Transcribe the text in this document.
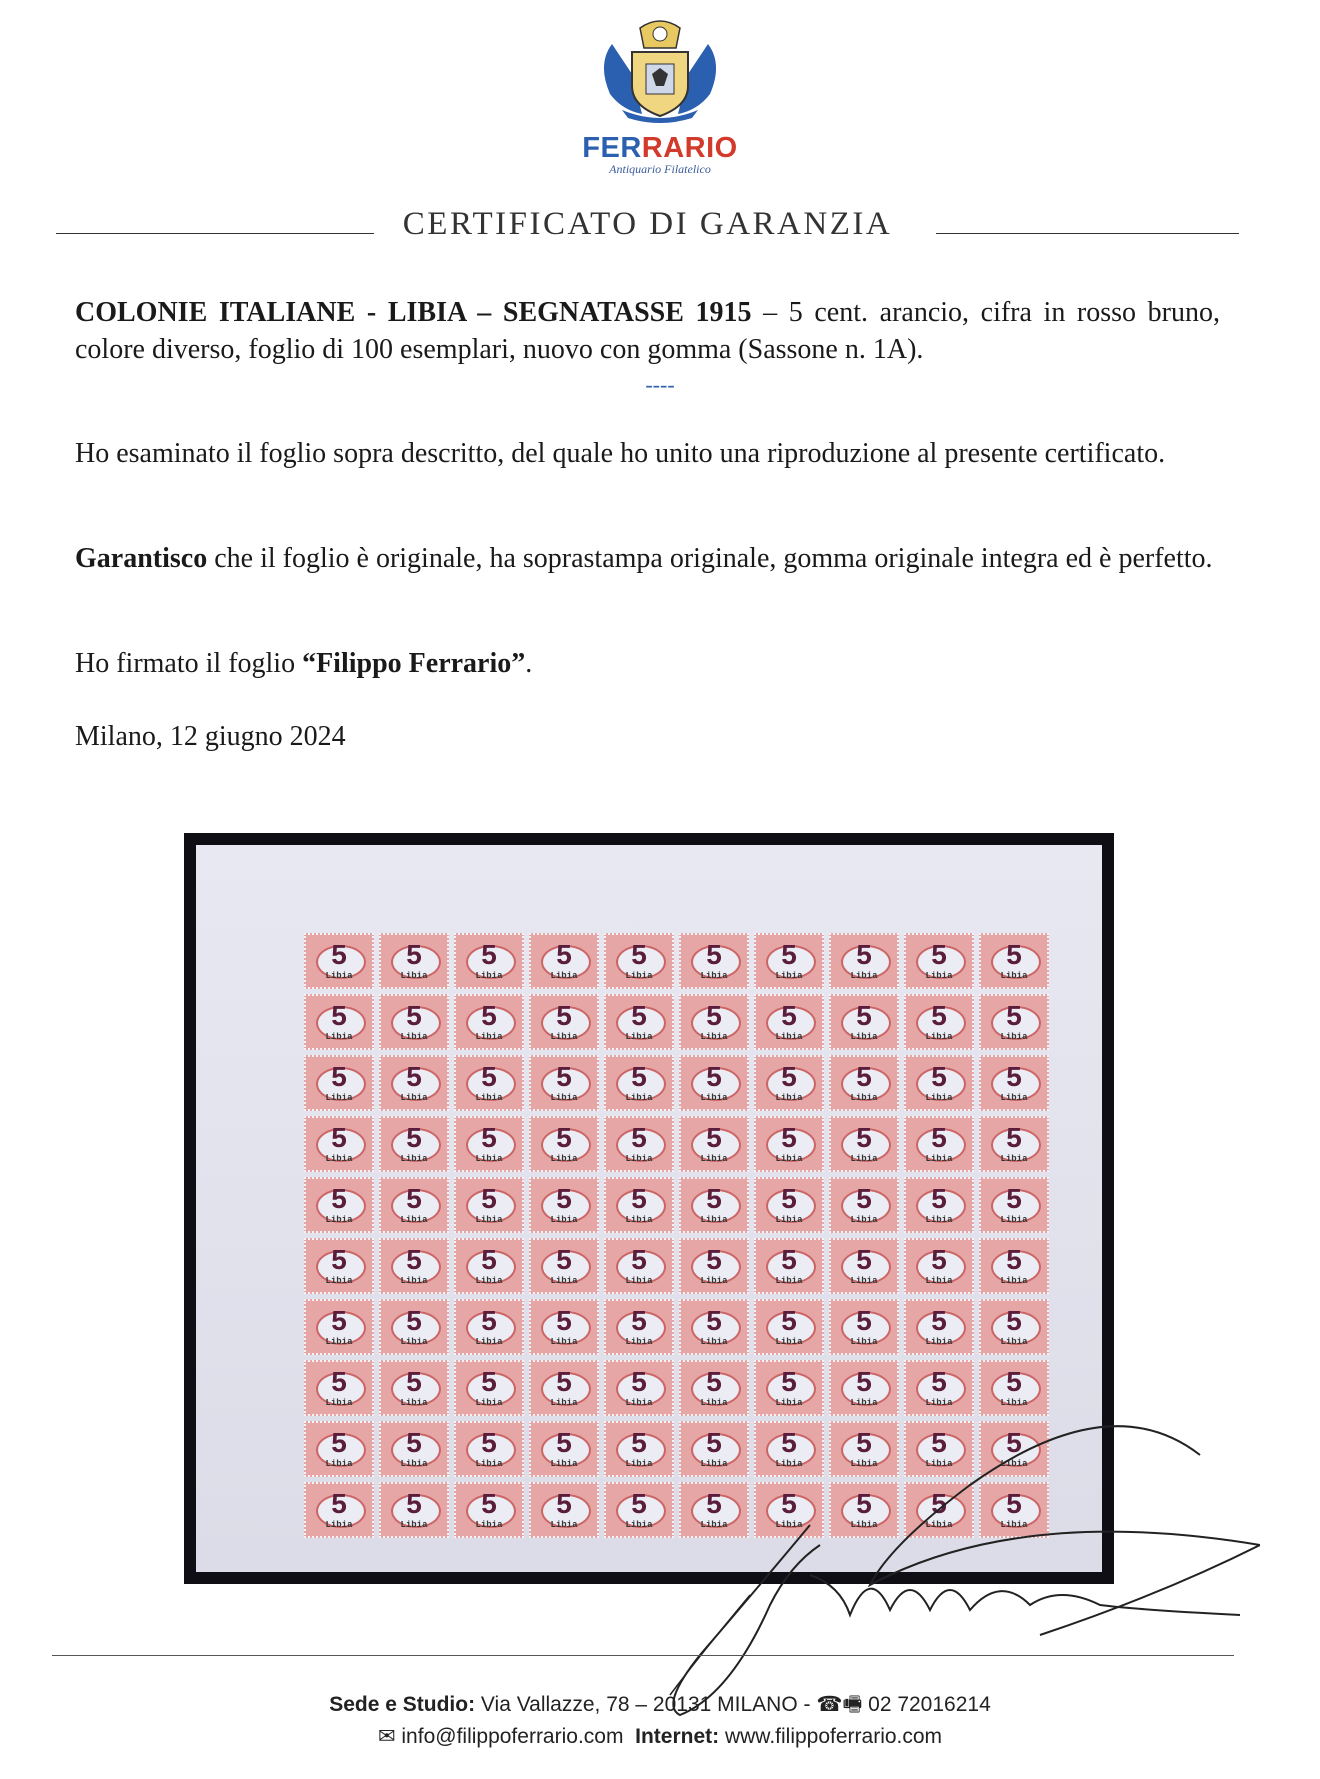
FERRARIO
Antiquario Filatelico
CERTIFICATO DI GARANZIA
COLONIE ITALIANE - LIBIA – SEGNATASSE 1915 – 5 cent. arancio, cifra in rosso bruno, colore diverso, foglio di 100 esemplari, nuovo con gomma (Sassone n. 1A).
----
Ho esaminato il foglio sopra descritto, del quale ho unito una riproduzione al presente certificato.
Garantisco che il foglio è originale, ha soprastampa originale, gomma originale integra ed è perfetto.
Ho firmato il foglio “Filippo Ferrario”.
Milano, 12 giugno 2024
5
Libia
5
Libia
5
Libia
5
Libia
5
Libia
5
Libia
5
Libia
5
Libia
5
Libia
5
Libia
5
Libia
5
Libia
5
Libia
5
Libia
5
Libia
5
Libia
5
Libia
5
Libia
5
Libia
5
Libia
5
Libia
5
Libia
5
Libia
5
Libia
5
Libia
5
Libia
5
Libia
5
Libia
5
Libia
5
Libia
5
Libia
5
Libia
5
Libia
5
Libia
5
Libia
5
Libia
5
Libia
5
Libia
5
Libia
5
Libia
5
Libia
5
Libia
5
Libia
5
Libia
5
Libia
5
Libia
5
Libia
5
Libia
5
Libia
5
Libia
5
Libia
5
Libia
5
Libia
5
Libia
5
Libia
5
Libia
5
Libia
5
Libia
5
Libia
5
Libia
5
Libia
5
Libia
5
Libia
5
Libia
5
Libia
5
Libia
5
Libia
5
Libia
5
Libia
5
Libia
5
Libia
5
Libia
5
Libia
5
Libia
5
Libia
5
Libia
5
Libia
5
Libia
5
Libia
5
Libia
5
Libia
5
Libia
5
Libia
5
Libia
5
Libia
5
Libia
5
Libia
5
Libia
5
Libia
5
Libia
5
Libia
5
Libia
5
Libia
5
Libia
5
Libia
5
Libia
5
Libia
5
Libia
5
Libia
5
Libia
Sede e Studio: Via Vallazze, 78 – 20131 MILANO - ☎🖷 02 72016214
✉ info@filippoferrario.com Internet: www.filippoferrario.com
